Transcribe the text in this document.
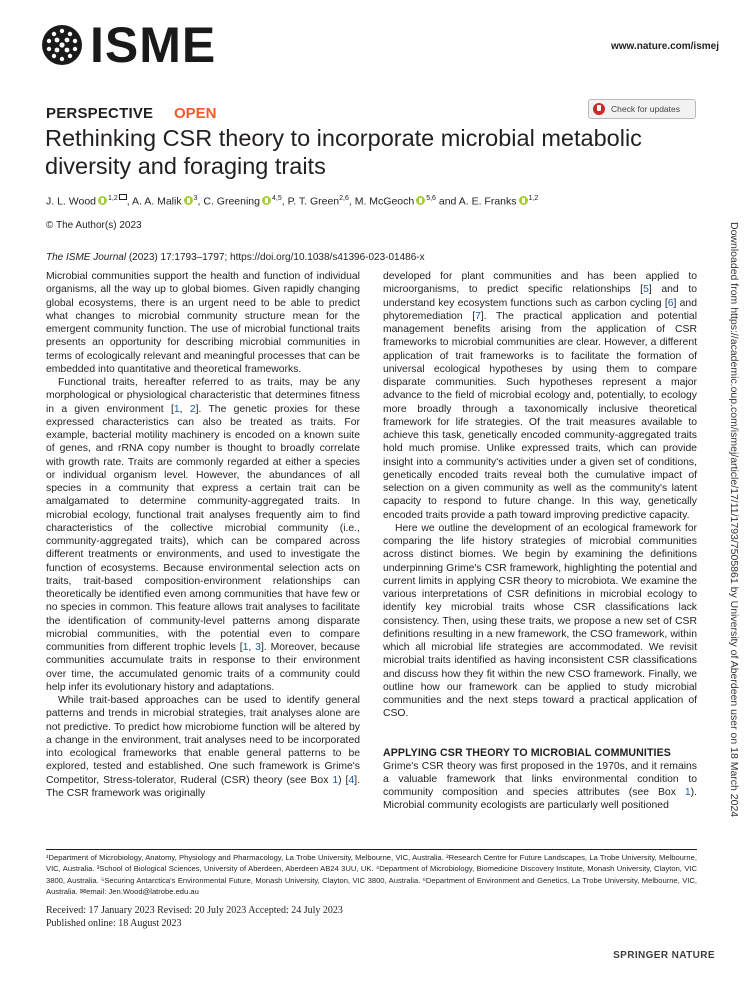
ISME	www.nature.com/ismej
PERSPECTIVE OPEN	Check for updates
Rethinking CSR theory to incorporate microbial metabolic diversity and foraging traits
J. L. Wood $^{1,2}$ , A. A. Malik $^3$, C. Greening $^{4,5}$, P. T. Green$^{2,6}$, M. McGeoch $^{5,6}$ and A. E. Franks $^{1,2}$
© The Author(s) 2023
The ISME Journal (2023) 17:1793–1797; https://doi.org/10.1038/s41396-023-01486-x	Downloaded from https://academic.oup.com/ismej/article/17/11/1793/7505861 by University of Aberdeen user on 18 March 2024

Microbial communities support the health and function of individual organisms, all the way up to global biomes. Given rapidly changing global ecosystems, there is an urgent need to be able to predict what changes to microbial community structure mean for the emergent community function. The use of microbial functional traits presents an opportunity for describing microbial communities in terms of ecologically relevant and meaningful processes that can be embedded into quantitative and theoretical frameworks.

Functional traits, hereafter referred to as traits, may be any morphological or physiological characteristic that determines fitness in a given environment [1, 2]. The genetic proxies for these expressed characteristics can also be treated as traits. For example, bacterial motility machinery is encoded on a known suite of genes, and rRNA copy number is thought to broadly correlate with growth rate. Traits are commonly regarded at either a species or individual organism level. However, the abundances of all species in a community that express a certain trait can be amalgamated to determine community-aggregated traits. In microbial ecology, functional trait analyses frequently aim to find characteristics of the collective microbial community (i.e., community-aggregated traits), which can be compared across different treatments or environments, and used to investigate the function of ecosystems. Because environmental selection acts on traits, trait-based composition-environment relationships can theoretically be identified even among communities that have few or no species in common. This feature allows trait analyses to facilitate the identification of community-level patterns among disparate microbial communities, with the potential even to compare communities from different trophic levels [1, 3]. Moreover, because communities accumulate traits in response to their environment over time, the accumulated genomic traits of a community could help infer its evolutionary history and adaptations.

While trait-based approaches can be used to identify general patterns and trends in microbial strategies, trait analyses alone are not predictive. To predict how microbiome function will be altered by a change in the environment, trait analyses need to be incorporated into ecological frameworks that enable general patterns to be explored, tested and established. One such framework is Grime's Competitor, Stress-tolerator, Ruderal (CSR) theory (see Box 1) [4]. The CSR framework was originally

developed for plant communities and has been applied to microorganisms, to predict specific relationships [5] and to understand key ecosystem functions such as carbon cycling [6] and phytoremediation [7]. The practical application and potential management benefits arising from the application of CSR frameworks to microbial communities are clear. However, a different application of trait frameworks is to facilitate the formation of universal ecological hypotheses by using them to compare disparate communities. Such hypotheses represent a major advance to the field of microbial ecology and, potentially, to ecology more broadly through a taxonomically inclusive theoretical framework for life strategies. Of the trait measures available to achieve this task, genetically encoded community-aggregated traits hold much promise. Unlike expressed traits, which can provide insight into a community's activities under a given set of conditions, genetically encoded traits reveal both the cumulative impact of selection on a given community as well as the community's latent capacity to respond to future change. In this way, genetically encoded traits provide a path toward improving predictive capacity.

Here we outline the development of an ecological framework for comparing the life history strategies of microbial communities across distinct biomes. We begin by examining the definitions underpinning Grime's CSR framework, highlighting the potential and current limits in applying CSR theory to microbiota. We examine the various interpretations of CSR definitions in microbial ecology to identify key microbial traits whose CSR classifications lack consistency. Then, using these traits, we propose a new set of CSR definitions resulting in a new framework, the CSO framework, within which all microbial life strategies are accommodated. We revisit microbial traits identified as having inconsistent CSR classifications and discuss how they fit within the new CSO framework. Finally, we outline how our framework can be applied to study microbial communities and the next steps toward a practical application of CSO.

APPLYING CSR THEORY TO MICROBIAL COMMUNITIES

Grime's CSR theory was first proposed in the 1970s, and it remains a valuable framework that links environmental condition to community composition and species attributes (see Box 1). Microbial community ecologists are particularly well positioned

¹Department of Microbiology, Anatomy, Physiology and Pharmacology, La Trobe University, Melbourne, VIC, Australia. ²Research Centre for Future Landscapes, La Trobe University, Melbourne, VIC, Australia. ³School of Biological Sciences, University of Aberdeen, Aberdeen AB24 3UU, UK. ⁴Department of Microbiology, Biomedicine Discovery Institute, Monash University, Clayton, VIC 3800, Australia. ⁵Securing Antarctica's Environmental Future, Monash University, Clayton, VIC 3800, Australia. ⁶Department of Environment and Genetics, La Trobe University, Melbourne, VIC, Australia. ✉email: Jen.Wood@latrobe.edu.au
Received: 17 January 2023 Revised: 20 July 2023 Accepted: 24 July 2023
Published online: 18 August 2023
SPRINGER NATURE
